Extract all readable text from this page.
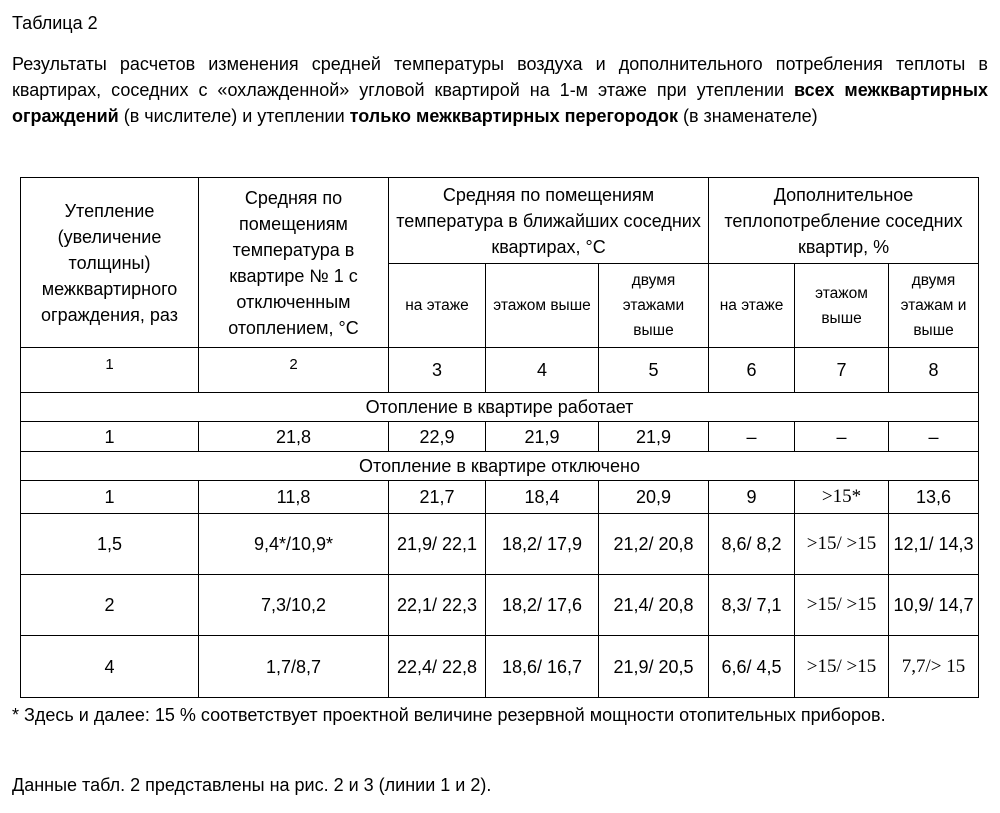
Таблица 2
Результаты расчетов изменения средней температуры воздуха и дополнительного потребления теплоты в квартирах, соседних с «охлажденной» угловой квартирой на 1-м этаже при утеплении всех межквартирных ограждений (в числителе) и утеплении только межквартирных перегородок (в знаменателе)
Утепление (увеличение толщины) межквартирного ограждения, раз	Средняя по помещениям температура в квартире № 1 с отключенным отоплением, °С	Средняя по помещениям температура в ближайших соседних квартирах, °С			Дополнительное теплопотребление соседних квартир, %		
		на этаже	этажом выше	двумя этажами выше	на этаже	этажом выше	двумя этажам и выше
1	2	3	4	5	6	7	8
Отопление в квартире работает							
1	21,8	22,9	21,9	21,9	–	–	–
Отопление в квартире отключено							
1	11,8	21,7	18,4	20,9	9	>15*	13,6
1,5	9,4*/10,9*	21,9/ 22,1	18,2/ 17,9	21,2/ 20,8	8,6/ 8,2	>15/ >15	12,1/ 14,3
2	7,3/10,2	22,1/ 22,3	18,2/ 17,6	21,4/ 20,8	8,3/ 7,1	>15/ >15	10,9/ 14,7
4	1,7/8,7	22,4/ 22,8	18,6/ 16,7	21,9/ 20,5	6,6/ 4,5	>15/ >15	7,7/> 15
* Здесь и далее: 15 % соответствует проектной величине резервной мощности отопительных приборов.
Данные табл. 2 представлены на рис. 2 и 3 (линии 1 и 2).
